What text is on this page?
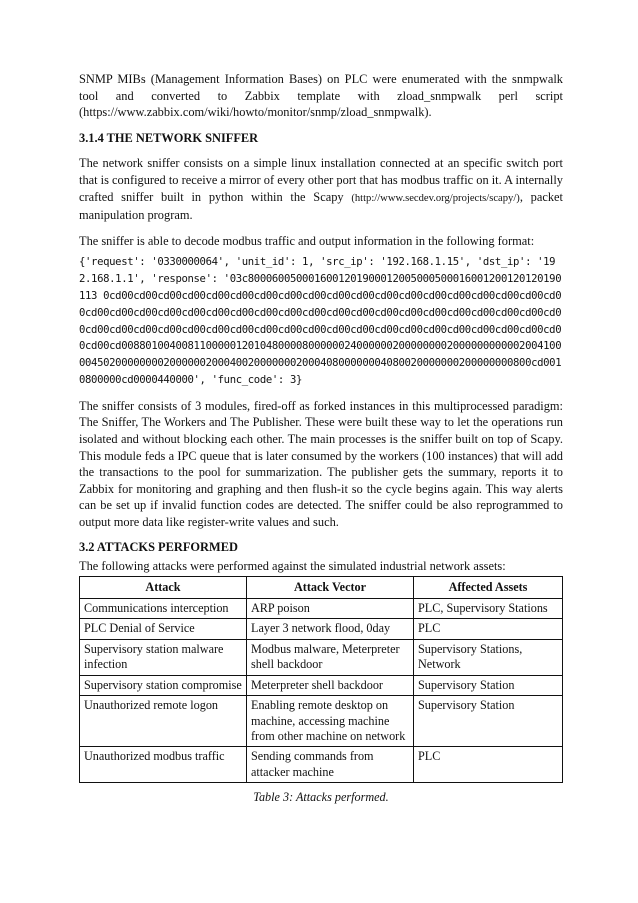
SNMP MIBs (Management Information Bases) on PLC were enumerated with the snmpwalk

tool and converted to Zabbix template with zload_snmpwalk perl script

(https://www.zabbix.com/wiki/howto/monitor/snmp/zload_snmpwalk).

3.1.4 THE NETWORK SNIFFER

The network sniffer consists on a simple linux installation connected at an specific switch port that is configured to receive a mirror of every other port that has modbus traffic on it. A internally crafted sniffer built in python within the Scapy (http://www.secdev.org/projects/scapy/), packet manipulation program.

The sniffer is able to decode modbus traffic and output information in the following format:

{'request': '0330000064', 'unit_id': 1, 'src_ip': '192.168.1.15', 'dst_ip': '192.168.1.1', 'response': '03c8000600500016001201900012005000500016001200120120190113 0cd00cd00cd00cd00cd00cd00cd00cd00cd00cd00cd00cd00cd00cd00cd00cd00cd00cd00cd00cd00cd00cd00cd00cd00cd00cd00cd00cd00cd00cd00cd00cd00cd00cd00cd00cd00cd00cd00cd00cd00cd00cd00cd00cd00cd00cd00cd00cd00cd00cd00cd00cd00cd00cd00cd00cd00cd00cd00cd00cd00cd0088010040081100000120104800008000000240000002000000002000000000002004100004502000000002000000200040020000000200040800000004080020000000200000000800cd0010800000cd0000440000', 'func_code': 3}

The sniffer consists of 3 modules, fired-off as forked instances in this multiprocessed paradigm: The Sniffer, The Workers and The Publisher. These were built these way to let the operations run isolated and without blocking each other. The main processes is the sniffer built on top of Scapy. This module feds a IPC queue that is later consumed by the workers (100 instances) that will add the transactions to the pool for summarization. The publisher gets the summary, reports it to Zabbix for monitoring and graphing and then flush-it so the cycle begins again. This way alerts can be set up if invalid function codes are detected. The sniffer could be also reprogrammed to output more data like register-write values and such.

3.2 ATTACKS PERFORMED

The following attacks were performed against the simulated industrial network assets:

Attack	Attack Vector	Affected Assets
Communications interception	ARP poison	PLC, Supervisory Stations
PLC Denial of Service	Layer 3 network flood, 0day	PLC
Supervisory station malware infection	Modbus malware, Meterpreter shell backdoor	Supervisory Stations, Network
Supervisory station compromise	Meterpreter shell backdoor	Supervisory Station
Unauthorized remote logon	Enabling remote desktop on machine, accessing machine from other machine on network	Supervisory Station
Unauthorized modbus traffic	Sending commands from attacker machine	PLC

Table 3: Attacks performed.
